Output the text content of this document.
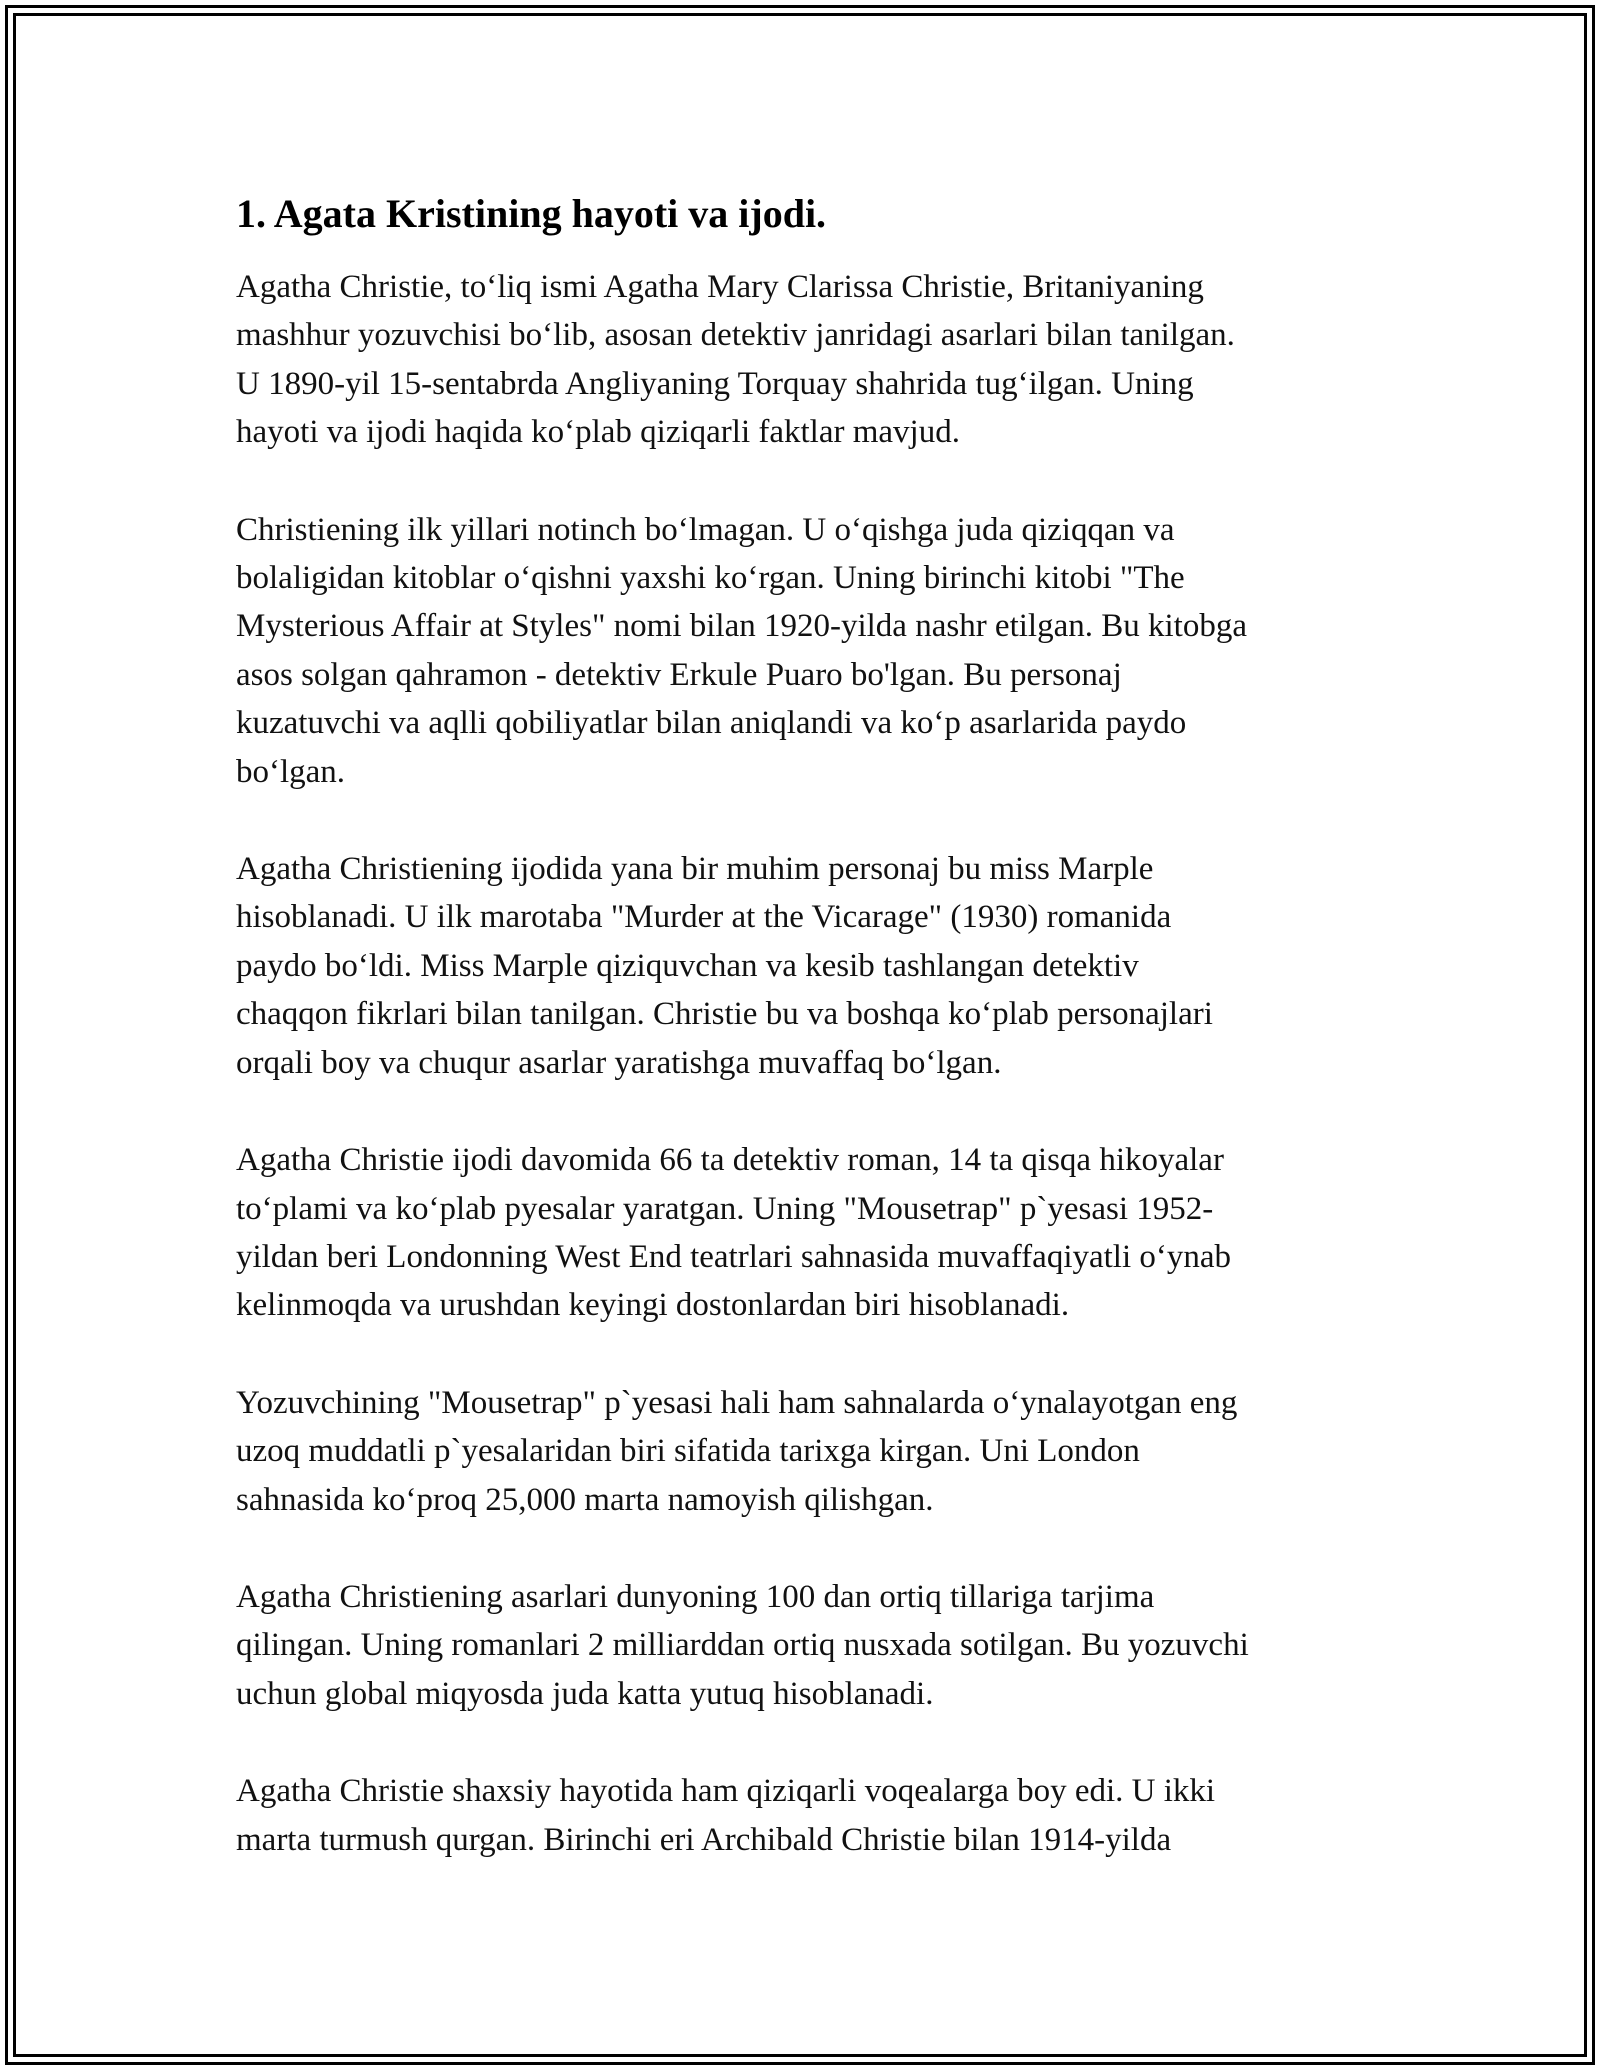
1. Agata Kristining hayoti va ijodi.

Agatha Christie, to‘liq ismi Agatha Mary Clarissa Christie, Britaniyaning
mashhur yozuvchisi bo‘lib, asosan detektiv janridagi asarlari bilan tanilgan.
U 1890-yil 15-sentabrda Angliyaning Torquay shahrida tug‘ilgan. Uning
hayoti va ijodi haqida ko‘plab qiziqarli faktlar mavjud.

Christiening ilk yillari notinch bo‘lmagan. U o‘qishga juda qiziqqan va
bolaligidan kitoblar o‘qishni yaxshi ko‘rgan. Uning birinchi kitobi "The
Mysterious Affair at Styles" nomi bilan 1920-yilda nashr etilgan. Bu kitobga
asos solgan qahramon - detektiv Erkule Puaro bo'lgan. Bu personaj
kuzatuvchi va aqlli qobiliyatlar bilan aniqlandi va ko‘p asarlarida paydo
bo‘lgan.

Agatha Christiening ijodida yana bir muhim personaj bu miss Marple
hisoblanadi. U ilk marotaba "Murder at the Vicarage" (1930) romanida
paydo bo‘ldi. Miss Marple qiziquvchan va kesib tashlangan detektiv
chaqqon fikrlari bilan tanilgan. Christie bu va boshqa ko‘plab personajlari
orqali boy va chuqur asarlar yaratishga muvaffaq bo‘lgan.

Agatha Christie ijodi davomida 66 ta detektiv roman, 14 ta qisqa hikoyalar
to‘plami va ko‘plab pyesalar yaratgan. Uning "Mousetrap" p`yesasi 1952-
yildan beri Londonning West End teatrlari sahnasida muvaffaqiyatli o‘ynab
kelinmoqda va urushdan keyingi dostonlardan biri hisoblanadi.

Yozuvchining "Mousetrap" p`yesasi hali ham sahnalarda o‘ynalayotgan eng
uzoq muddatli p`yesalaridan biri sifatida tarixga kirgan. Uni London
sahnasida ko‘proq 25,000 marta namoyish qilishgan.

Agatha Christiening asarlari dunyoning 100 dan ortiq tillariga tarjima
qilingan. Uning romanlari 2 milliarddan ortiq nusxada sotilgan. Bu yozuvchi
uchun global miqyosda juda katta yutuq hisoblanadi.

Agatha Christie shaxsiy hayotida ham qiziqarli voqealarga boy edi. U ikki
marta turmush qurgan. Birinchi eri Archibald Christie bilan 1914-yilda
